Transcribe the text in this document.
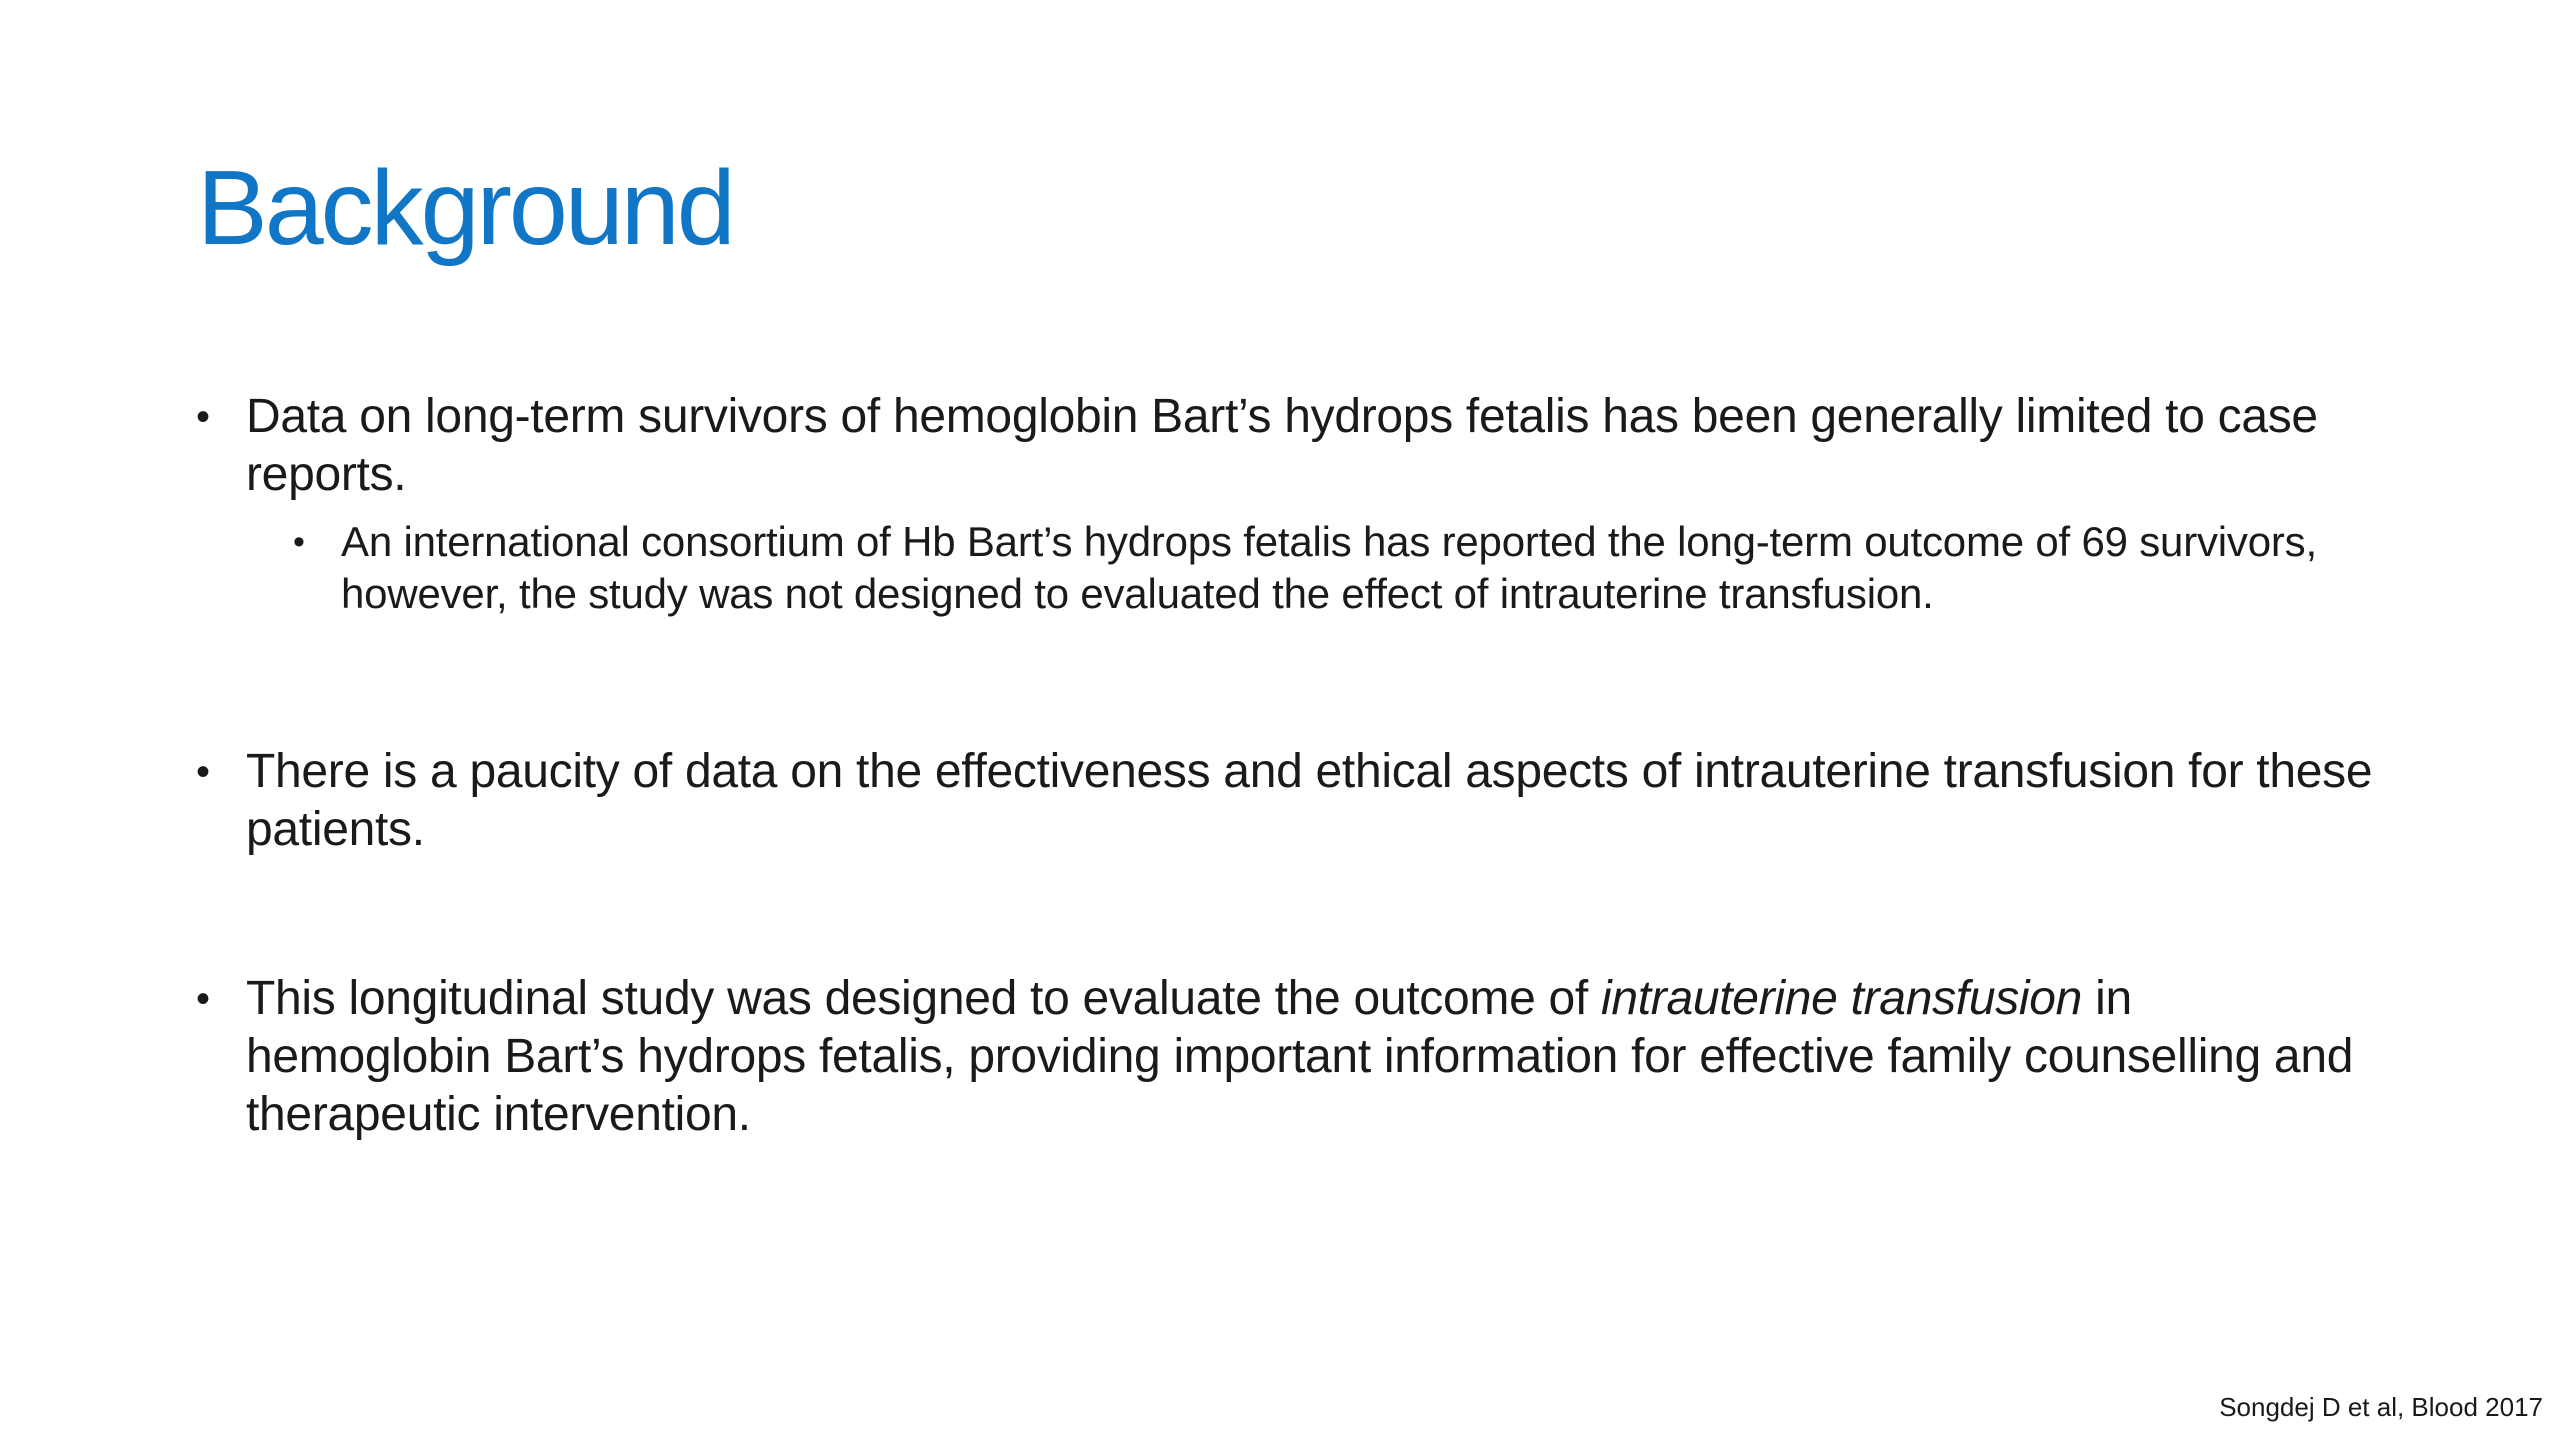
Background
• Data on long-term survivors of hemoglobin Bart’s hydrops fetalis has been generally limited to case reports.
• An international consortium of Hb Bart’s hydrops fetalis has reported the long-term outcome of 69 survivors, however, the study was not designed to evaluated the effect of intrauterine transfusion.
• There is a paucity of data on the effectiveness and ethical aspects of intrauterine transfusion for these patients.
• This longitudinal study was designed to evaluate the outcome of intrauterine transfusion in hemoglobin Bart’s hydrops fetalis, providing important information for effective family counselling and therapeutic intervention.
Songdej D et al, Blood 2017
